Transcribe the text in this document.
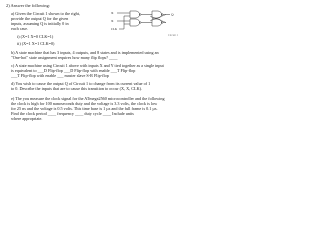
2) Answer the following:
a) Given the Circuit 1 shown to the right,
provide the output Q for the given
inputs, assuming Q is initially 0 in
each case.
i) (X=1 X=0 CLK=1)
ii) (X=1 X=1 CLK=0)
b) A state machine that has 3 inputs, 4 outputs, and 8 states and is implemented using an
"One-hot" state assignment requires how many flip flops? ____
c) A state machine using Circuit 1 above with inputs X and Y tied together as a single input
is equivalent to ___D Flip-flop ___D Flip-flop with enable ___T Flip-flop
___T Flip-flop with enable ___ master slave S-R Flip-flop
d) You wish to cause the output Q of Circuit 1 to change from its current value of 1
to 0. Describe the inputs that are to cause this transition to occur (X, X, CLK).
e) The you measure the clock signal for the ATmega2560 microcontroller and the following
the clock is high for 100 nanoseconds duty and the voltage is 3.3 volts, the clock is low
for 25 ns and the voltage is 0.5 volts. This time base is 1 µs and the full frame is 0.1 µs.
Find the clock period ____ frequency ____ duty cycle ____ Include units
where appropriate.
X
X
CLK
Q
Circuit 1
